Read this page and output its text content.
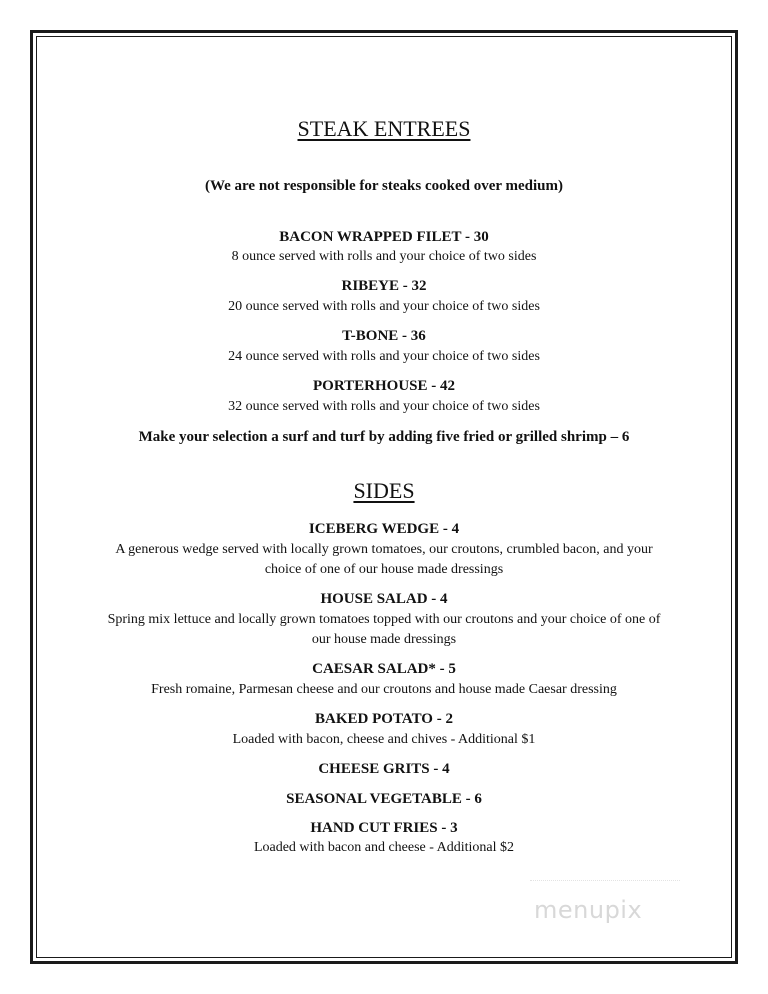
STEAK ENTREES
(We are not responsible for steaks cooked over medium)
BACON WRAPPED FILET - 30
8 ounce served with rolls and your choice of two sides
RIBEYE - 32
20 ounce served with rolls and your choice of two sides
T-BONE - 36
24 ounce served with rolls and your choice of two sides
PORTERHOUSE - 42
32 ounce served with rolls and your choice of two sides
Make your selection a surf and turf by adding five fried or grilled shrimp – 6
SIDES
ICEBERG WEDGE - 4
A generous wedge served with locally grown tomatoes, our croutons, crumbled bacon, and your choice of one of our house made dressings
HOUSE SALAD - 4
Spring mix lettuce and locally grown tomatoes topped with our croutons and your choice of one of our house made dressings
CAESAR SALAD* - 5
Fresh romaine, Parmesan cheese and our croutons and house made Caesar dressing
BAKED POTATO - 2
Loaded with bacon, cheese and chives - Additional $1
CHEESE GRITS - 4
SEASONAL VEGETABLE - 6
HAND CUT FRIES - 3
Loaded with bacon and cheese - Additional $2
menupix
